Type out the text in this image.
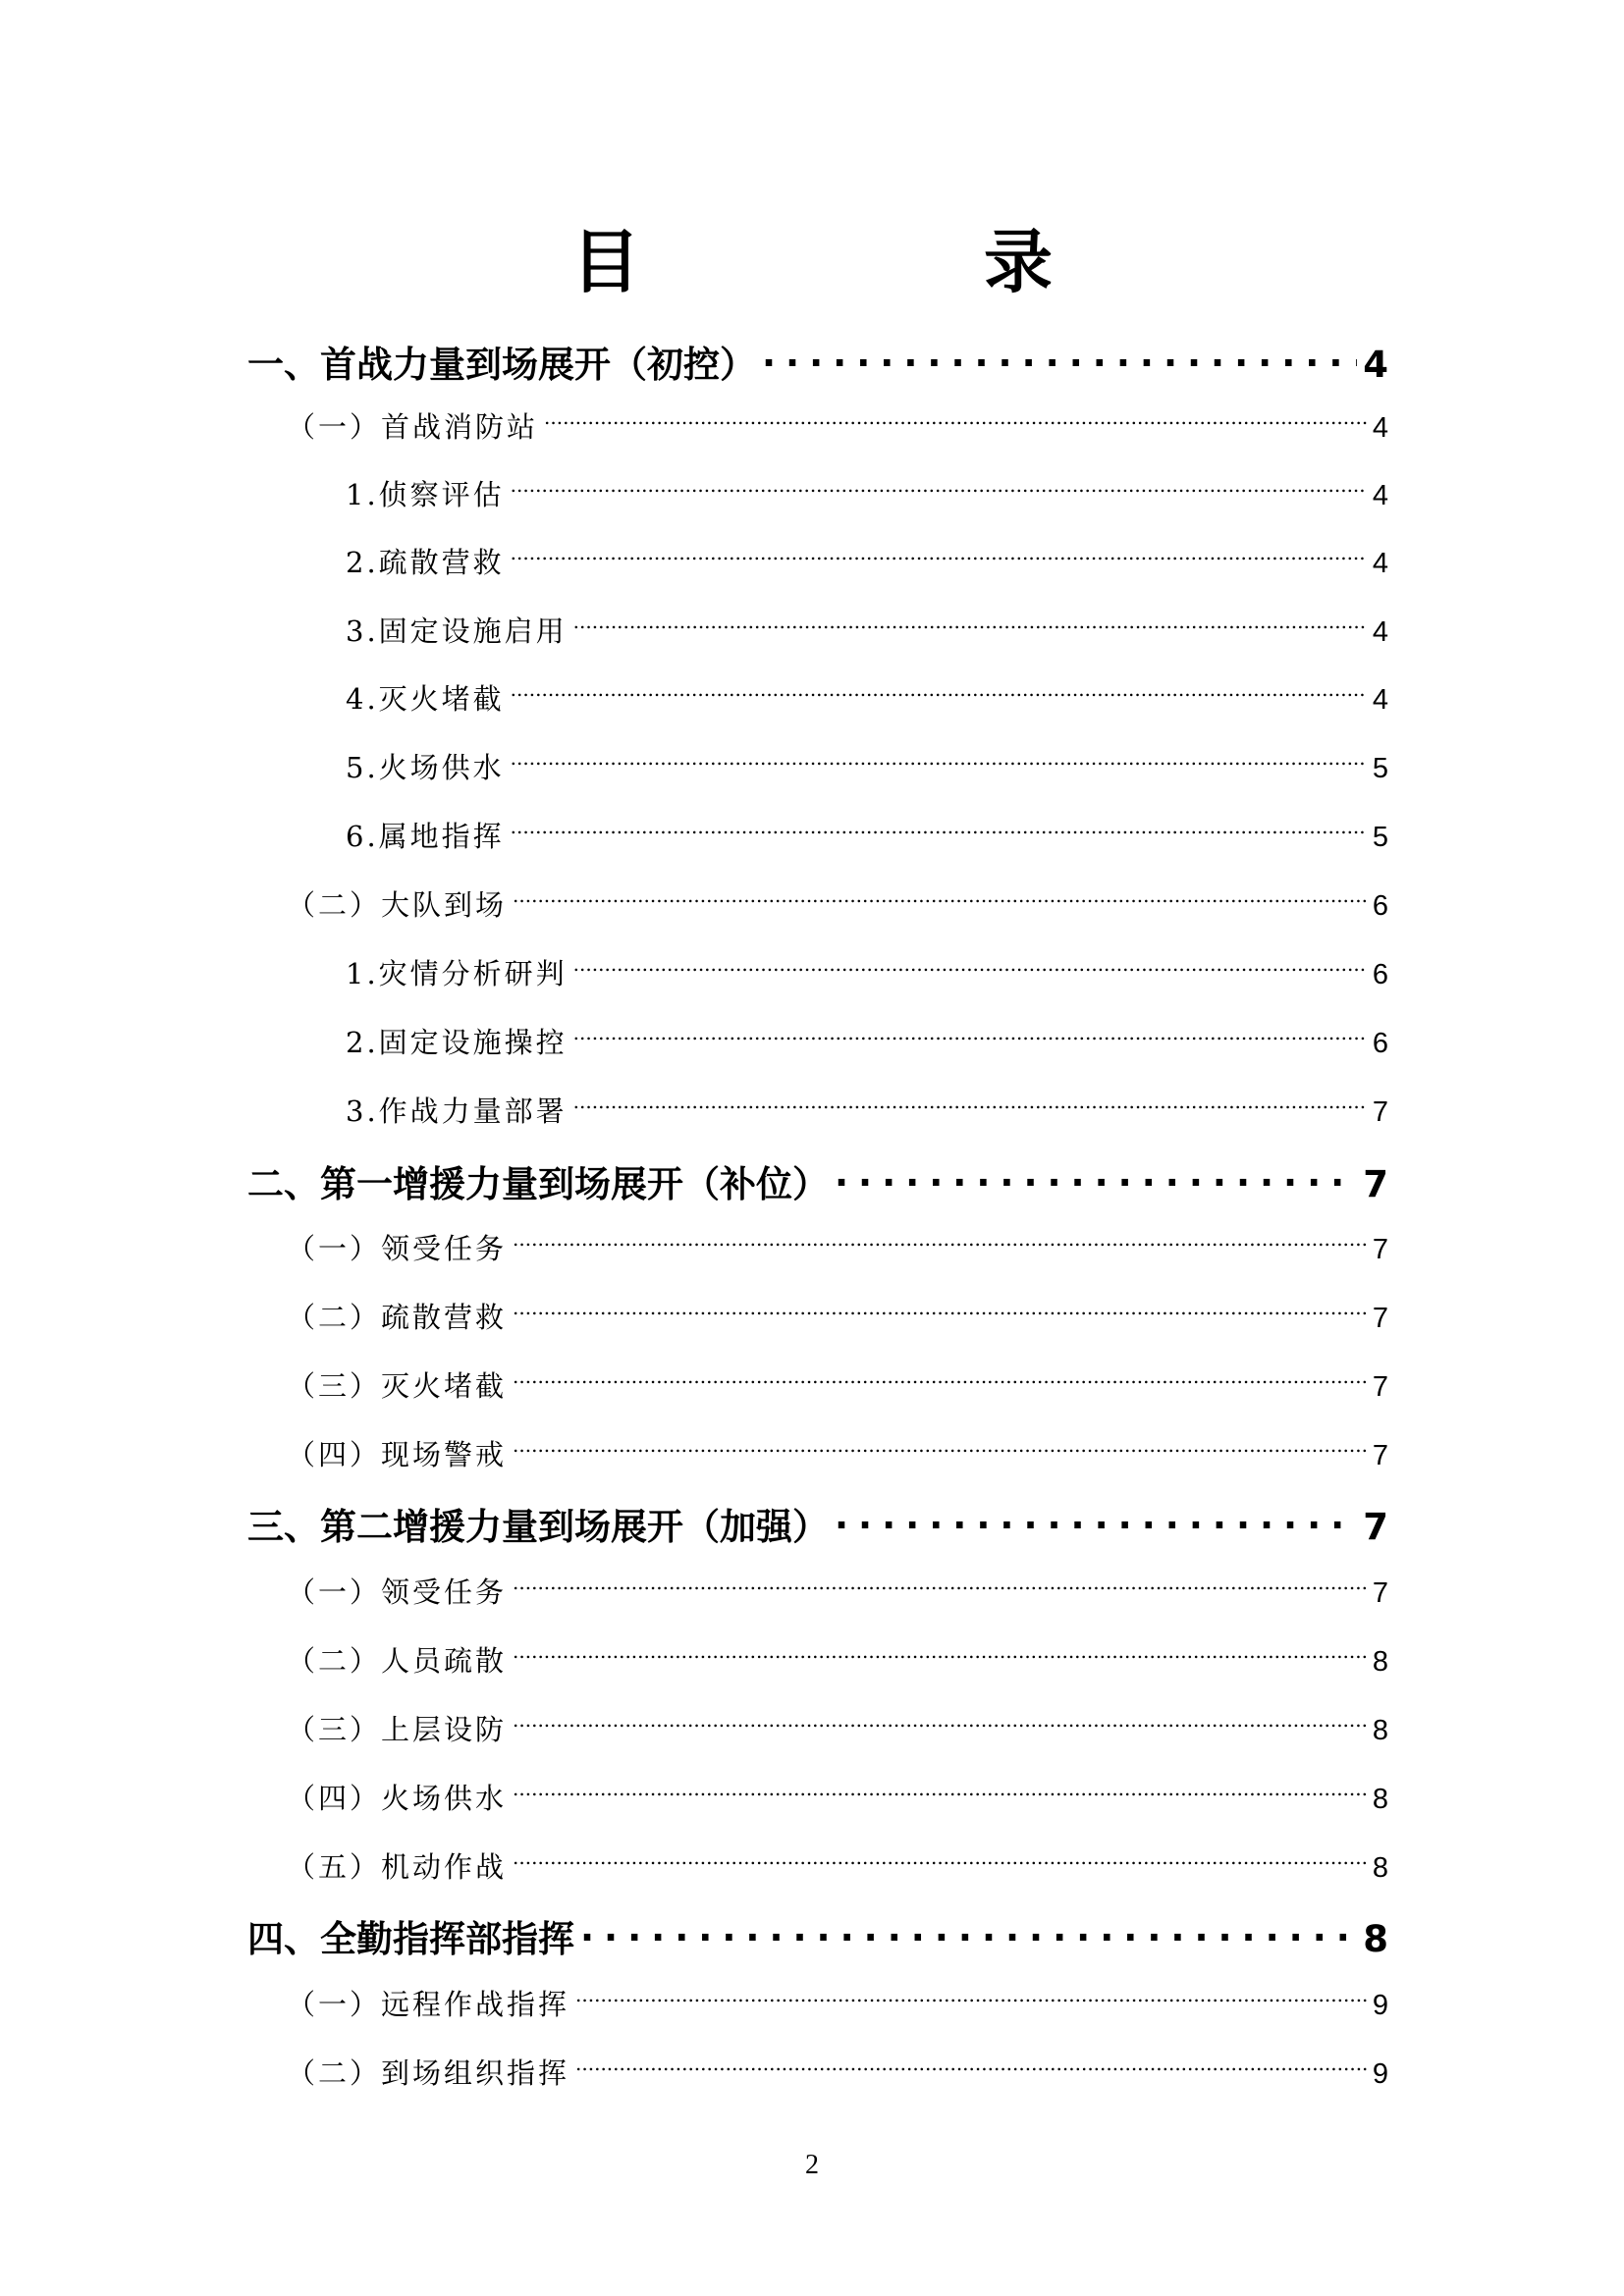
目　录
一、首战力量到场展开（初控） .....	4
（一）首战消防站 .....	4
1.侦察评估 .....	4
2.疏散营救 .....	4
3.固定设施启用 .....	4
4.灭火堵截 .....	4
5.火场供水 .....	5
6.属地指挥 .....	5
（二）大队到场 .....	6
1.灾情分析研判 .....	6
2.固定设施操控 .....	6
3.作战力量部署 .....	7
二、第一增援力量到场展开（补位） .....	7
（一）领受任务 .....	7
（二）疏散营救 .....	7
（三）灭火堵截 .....	7
（四）现场警戒 .....	7
三、第二增援力量到场展开（加强） .....	7
（一）领受任务 .....	7
（二）人员疏散 .....	8
（三）上层设防 .....	8
（四）火场供水 .....	8
（五）机动作战 .....	8
四、全勤指挥部指挥 .....	8
（一）远程作战指挥 .....	9
（二）到场组织指挥 .....	9
2
